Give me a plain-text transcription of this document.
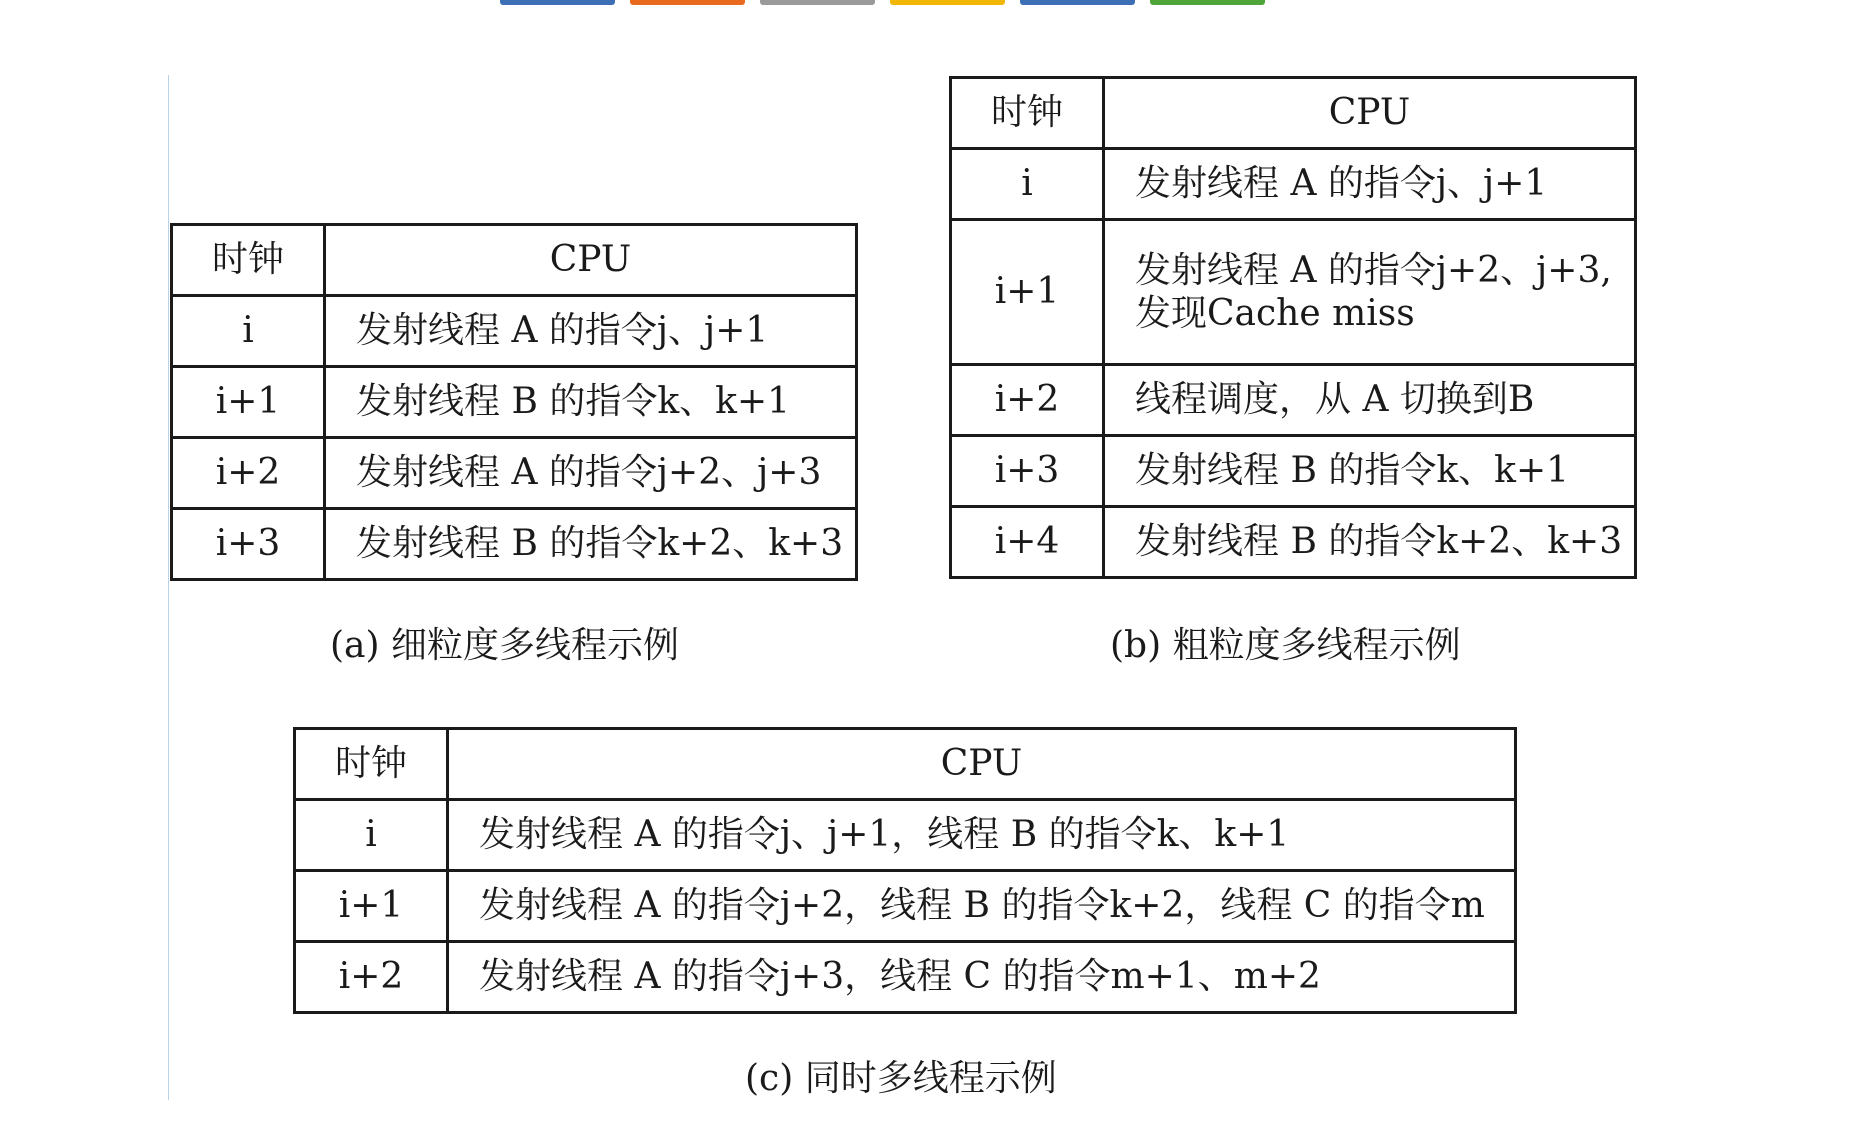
时钟	CPU
i	发射线程 A 的指令j、j+1
i+1	发射线程 B 的指令k、k+1
i+2	发射线程 A 的指令j+2、j+3
i+3	发射线程 B 的指令k+2、k+3
(a) 细粒度多线程示例
时钟	CPU
i	发射线程 A 的指令j、j+1
i+1	发射线程 A 的指令j+2、j+3,
发现Cache miss

i+2	线程调度，从 A 切换到B
i+3	发射线程 B 的指令k、k+1
i+4	发射线程 B 的指令k+2、k+3
(b) 粗粒度多线程示例
时钟	CPU
i	发射线程 A 的指令j、j+1，线程 B 的指令k、k+1
i+1	发射线程 A 的指令j+2，线程 B 的指令k+2，线程 C 的指令m
i+2	发射线程 A 的指令j+3，线程 C 的指令m+1、m+2
(c) 同时多线程示例
